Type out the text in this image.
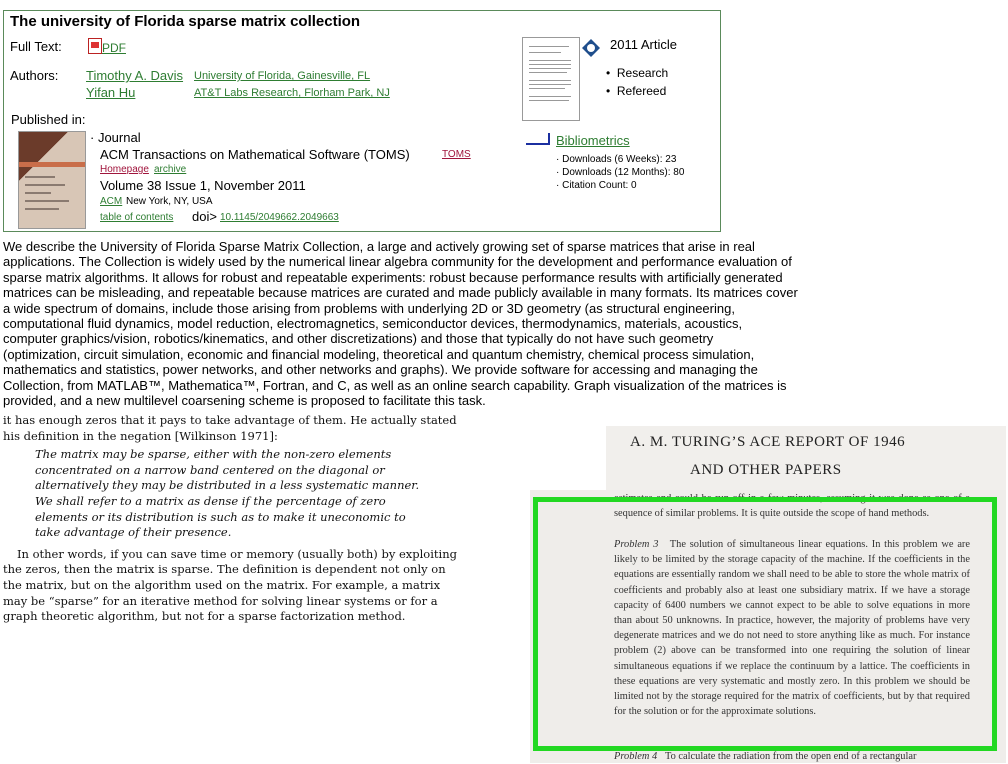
The university of Florida sparse matrix collection
Full Text:	PDF
Authors: Timothy A. Davis University of Florida, Gainesville, FL
Yifan Hu	AT&T Labs Research, Florham Park, NJ
Published in:
· Journal
ACM Transactions on Mathematical Software (TOMS)	TOMS
Homepage archive
Volume 38 Issue 1, November 2011
ACM New York, NY, USA
table of contents doi> 10.1145/2049662.2049663
2011 Article
•  Research
•  Refereed
Bibliometrics
· Downloads (6 Weeks): 23
· Downloads (12 Months): 80
· Citation Count: 0
We describe the University of Florida Sparse Matrix Collection, a large and actively growing set of sparse matrices that arise in real
applications. The Collection is widely used by the numerical linear algebra community for the development and performance evaluation of
sparse matrix algorithms. It allows for robust and repeatable experiments: robust because performance results with artificially generated
matrices can be misleading, and repeatable because matrices are curated and made publicly available in many formats. Its matrices cover
a wide spectrum of domains, include those arising from problems with underlying 2D or 3D geometry (as structural engineering,
computational fluid dynamics, model reduction, electromagnetics, semiconductor devices, thermodynamics, materials, acoustics,
computer graphics/vision, robotics/kinematics, and other discretizations) and those that typically do not have such geometry
(optimization, circuit simulation, economic and financial modeling, theoretical and quantum chemistry, chemical process simulation,
mathematics and statistics, power networks, and other networks and graphs). We provide software for accessing and managing the
Collection, from MATLAB™, Mathematica™, Fortran, and C, as well as an online search capability. Graph visualization of the matrices is
provided, and a new multilevel coarsening scheme is proposed to facilitate this task.

it has enough zeros that it pays to take advantage of them. He actually stated his definition in the negation [Wilkinson 1971]:

The matrix may be sparse, either with the non-zero elements concentrated on a narrow band centered on the diagonal or alternatively they may be distributed in a less systematic manner. We shall refer to a matrix as dense if the percentage of zero elements or its distribution is such as to make it uneconomic to take advantage of their presence.

In other words, if you can save time or memory (usually both) by exploiting the zeros, then the matrix is sparse. The definition is dependent not only on the matrix, but on the algorithm used on the matrix. For example, a matrix may be “sparse” for an iterative method for solving linear systems or for a graph theoretic algorithm, but not for a sparse factorization method.

A. M. TURING’S ACE REPORT OF 1946
AND OTHER PAPERS
estimates and could be run off in a few minutes, assuming it was done as one of a sequence of similar problems. It is quite outside the scope of hand methods.
Problem 3 The solution of simultaneous linear equations. In this problem we are likely to be limited by the storage capacity of the machine. If the coefficients in the equations are essentially random we shall need to be able to store the whole matrix of coefficients and probably also at least one subsidiary matrix. If we have a storage capacity of 6400 numbers we cannot expect to be able to solve equations in more than about 50 unknowns. In practice, however, the majority of problems have very degenerate matrices and we do not need to store anything like as much. For instance problem (2) above can be transformed into one requiring the solution of linear simultaneous equations if we replace the continuum by a lattice. The coefficients in these equations are very systematic and mostly zero. In this problem we should be limited not by the storage required for the matrix of coefficients, but by that required for the solution or for the approximate solutions.
Problem 4 To calculate the radiation from the open end of a rectangular
